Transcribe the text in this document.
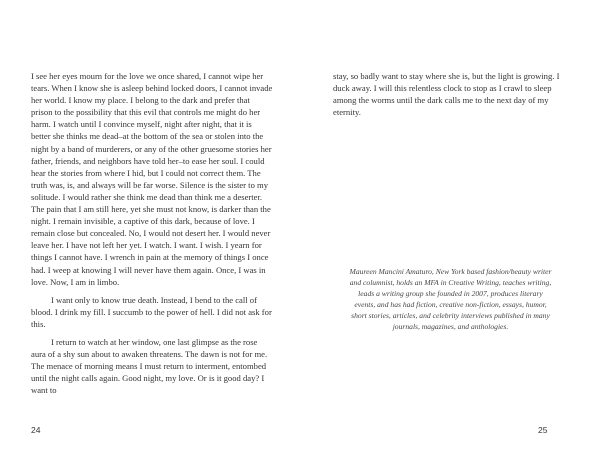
I see her eyes mourn for the love we once shared, I cannot wipe her tears. When I know she is asleep behind locked doors, I cannot invade her world. I know my place. I belong to the dark and prefer that prison to the possibility that this evil that controls me might do her harm. I watch until I convince myself, night after night, that it is better she thinks me dead–at the bottom of the sea or stolen into the night by a band of murderers, or any of the other gruesome stories her father, friends, and neighbors have told her–to ease her soul. I could hear the stories from where I hid, but I could not correct them. The truth was, is, and always will be far worse. Silence is the sister to my solitude. I would rather she think me dead than think me a deserter. The pain that I am still here, yet she must not know, is darker than the night. I remain invisible, a captive of this dark, because of love. I remain close but concealed. No, I would not desert her. I would never leave her. I have not left her yet. I watch. I want. I wish. I yearn for things I cannot have. I wrench in pain at the memory of things I once had. I weep at knowing I will never have them again. Once, I was in love. Now, I am in limbo.

I want only to know true death. Instead, I bend to the call of blood. I drink my fill. I succumb to the power of hell. I did not ask for this.

I return to watch at her window, one last glimpse as the rose aura of a shy sun about to awaken threatens. The dawn is not for me. The menace of morning means I must return to interment, entombed until the night calls again. Good night, my love. Or is it good day? I want to

24

stay, so badly want to stay where she is, but the light is growing. I duck away. I will this relentless clock to stop as I crawl to sleep among the worms until the dark calls me to the next day of my eternity.

Maureen Mancini Amaturo, New York based fashion/beauty writer and columnist, holds an MFA in Creative Writing, teaches writing, leads a writing group she founded in 2007, produces literary events, and has had fiction, creative non-fiction, essays, humor, short stories, articles, and celebrity interviews published in many journals, magazines, and anthologies.
25
